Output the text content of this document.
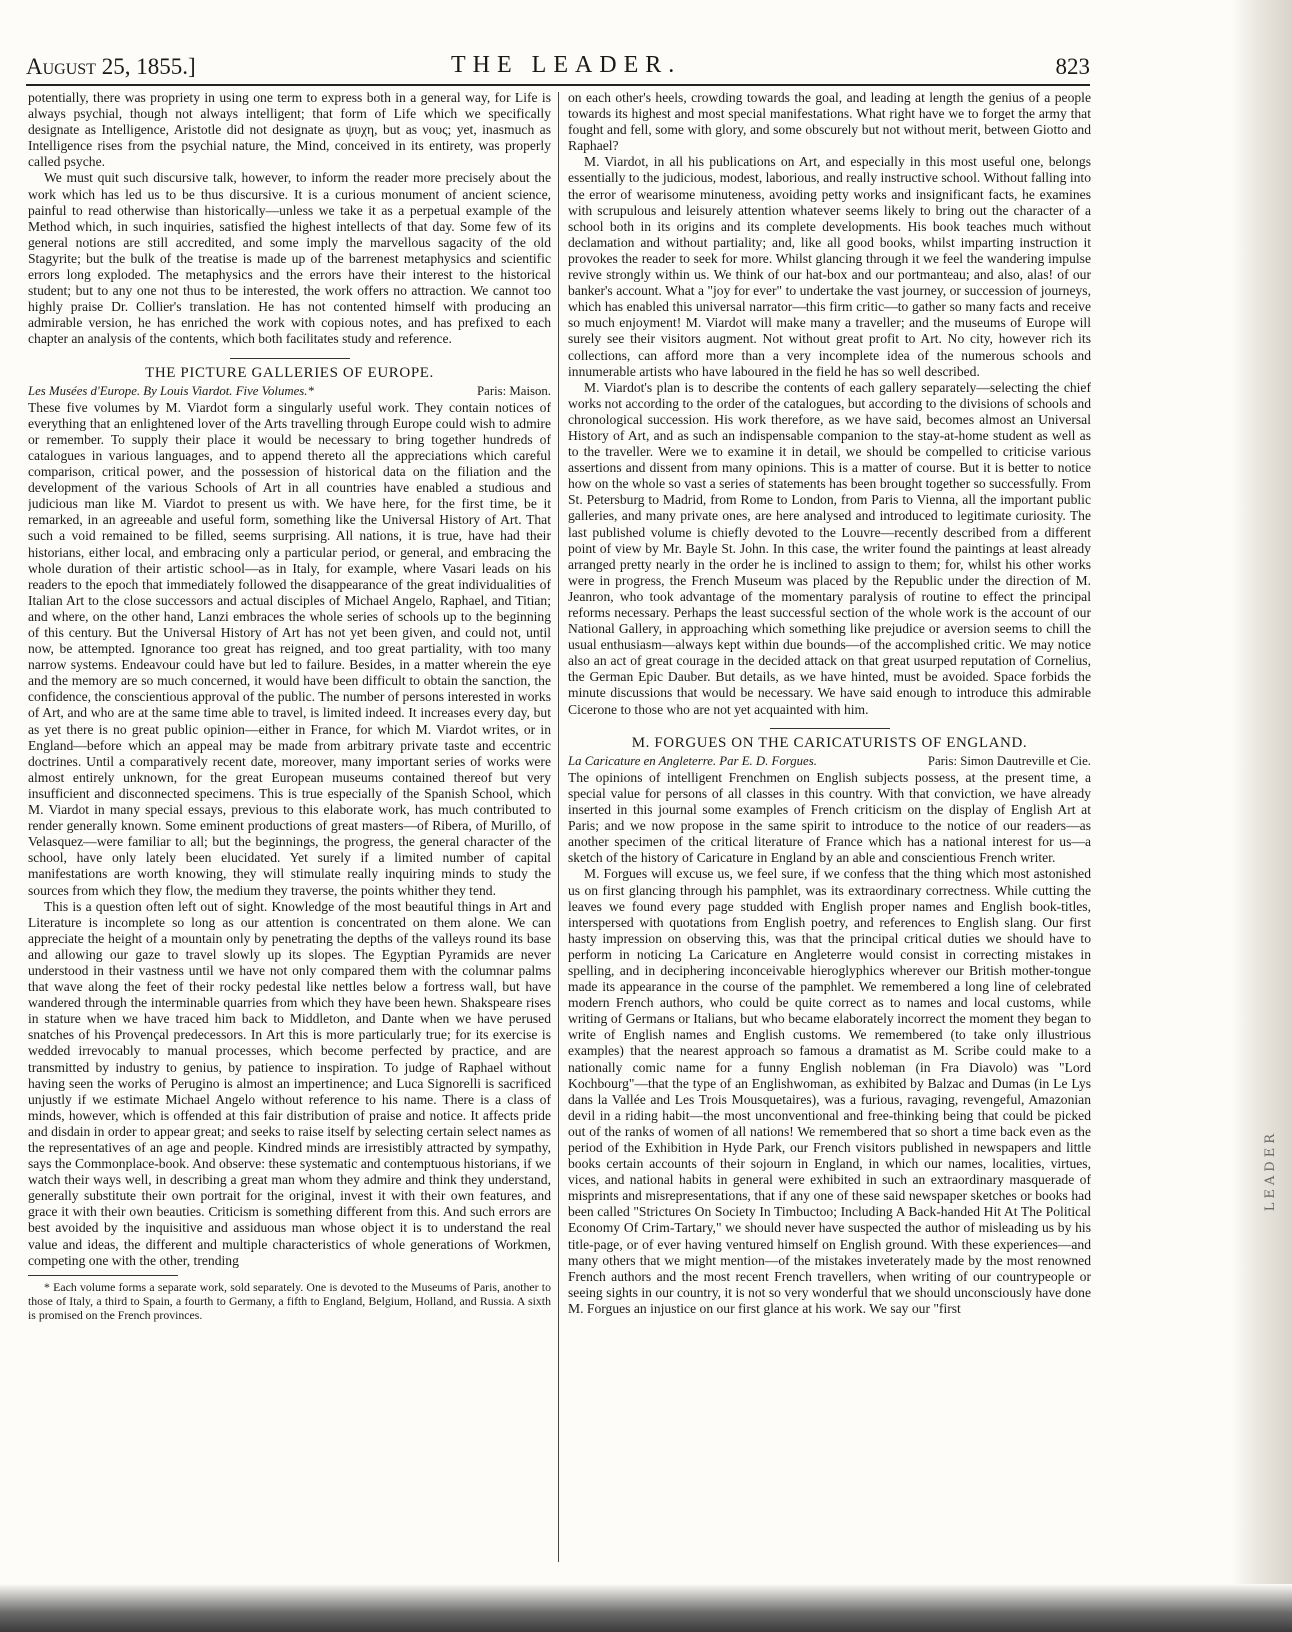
LEADER
August 25, 1855.]	THE LEADER.	823

potentially, there was propriety in using one term to express both in a general way, for Life is always psychial, though not always intelligent; that form of Life which we specifically designate as Intelligence, Aristotle did not designate as ψυχη, but as νους; yet, inasmuch as Intelligence rises from the psychial nature, the Mind, conceived in its entirety, was properly called psyche.

We must quit such discursive talk, however, to inform the reader more precisely about the work which has led us to be thus discursive. It is a curious monument of ancient science, painful to read otherwise than historically—unless we take it as a perpetual example of the Method which, in such inquiries, satisfied the highest intellects of that day. Some few of its general notions are still accredited, and some imply the marvellous sagacity of the old Stagyrite; but the bulk of the treatise is made up of the barrenest metaphysics and scientific errors long exploded. The metaphysics and the errors have their interest to the historical student; but to any one not thus to be interested, the work offers no attraction. We cannot too highly praise Dr. Collier's translation. He has not contented himself with producing an admirable version, he has enriched the work with copious notes, and has prefixed to each chapter an analysis of the contents, which both facilitates study and reference.

THE PICTURE GALLERIES OF EUROPE.
Les Musées d'Europe. By Louis Viardot. Five Volumes.*	Paris: Maison.

These five volumes by M. Viardot form a singularly useful work. They contain notices of everything that an enlightened lover of the Arts travelling through Europe could wish to admire or remember. To supply their place it would be necessary to bring together hundreds of catalogues in various languages, and to append thereto all the appreciations which careful comparison, critical power, and the possession of historical data on the filiation and the development of the various Schools of Art in all countries have enabled a studious and judicious man like M. Viardot to present us with. We have here, for the first time, be it remarked, in an agreeable and useful form, something like the Universal History of Art. That such a void remained to be filled, seems surprising. All nations, it is true, have had their historians, either local, and embracing only a particular period, or general, and embracing the whole duration of their artistic school—as in Italy, for example, where Vasari leads on his readers to the epoch that immediately followed the disappearance of the great individualities of Italian Art to the close successors and actual disciples of Michael Angelo, Raphael, and Titian; and where, on the other hand, Lanzi embraces the whole series of schools up to the beginning of this century. But the Universal History of Art has not yet been given, and could not, until now, be attempted. Ignorance too great has reigned, and too great partiality, with too many narrow systems. Endeavour could have but led to failure. Besides, in a matter wherein the eye and the memory are so much concerned, it would have been difficult to obtain the sanction, the confidence, the conscientious approval of the public. The number of persons interested in works of Art, and who are at the same time able to travel, is limited indeed. It increases every day, but as yet there is no great public opinion—either in France, for which M. Viardot writes, or in England—before which an appeal may be made from arbitrary private taste and eccentric doctrines. Until a comparatively recent date, moreover, many important series of works were almost entirely unknown, for the great European museums contained thereof but very insufficient and disconnected specimens. This is true especially of the Spanish School, which M. Viardot in many special essays, previous to this elaborate work, has much contributed to render generally known. Some eminent productions of great masters—of Ribera, of Murillo, of Velasquez—were familiar to all; but the beginnings, the progress, the general character of the school, have only lately been elucidated. Yet surely if a limited number of capital manifestations are worth knowing, they will stimulate really inquiring minds to study the sources from which they flow, the medium they traverse, the points whither they tend.

This is a question often left out of sight. Knowledge of the most beautiful things in Art and Literature is incomplete so long as our attention is concentrated on them alone. We can appreciate the height of a mountain only by penetrating the depths of the valleys round its base and allowing our gaze to travel slowly up its slopes. The Egyptian Pyramids are never understood in their vastness until we have not only compared them with the columnar palms that wave along the feet of their rocky pedestal like nettles below a fortress wall, but have wandered through the interminable quarries from which they have been hewn. Shakspeare rises in stature when we have traced him back to Middleton, and Dante when we have perused snatches of his Provençal predecessors. In Art this is more particularly true; for its exercise is wedded irrevocably to manual processes, which become perfected by practice, and are transmitted by industry to genius, by patience to inspiration. To judge of Raphael without having seen the works of Perugino is almost an impertinence; and Luca Signorelli is sacrificed unjustly if we estimate Michael Angelo without reference to his name. There is a class of minds, however, which is offended at this fair distribution of praise and notice. It affects pride and disdain in order to appear great; and seeks to raise itself by selecting certain select names as the representatives of an age and people. Kindred minds are irresistibly attracted by sympathy, says the Commonplace-book. And observe: these systematic and contemptuous historians, if we watch their ways well, in describing a great man whom they admire and think they understand, generally substitute their own portrait for the original, invest it with their own features, and grace it with their own beauties. Criticism is something different from this. And such errors are best avoided by the inquisitive and assiduous man whose object it is to understand the real value and ideas, the different and multiple characteristics of whole generations of Workmen, competing one with the other, trending

* Each volume forms a separate work, sold separately. One is devoted to the Museums of Paris, another to those of Italy, a third to Spain, a fourth to Germany, a fifth to England, Belgium, Holland, and Russia. A sixth is promised on the French provinces.

on each other's heels, crowding towards the goal, and leading at length the genius of a people towards its highest and most special manifestations. What right have we to forget the army that fought and fell, some with glory, and some obscurely but not without merit, between Giotto and Raphael?

M. Viardot, in all his publications on Art, and especially in this most useful one, belongs essentially to the judicious, modest, laborious, and really instructive school. Without falling into the error of wearisome minuteness, avoiding petty works and insignificant facts, he examines with scrupulous and leisurely attention whatever seems likely to bring out the character of a school both in its origins and its complete developments. His book teaches much without declamation and without partiality; and, like all good books, whilst imparting instruction it provokes the reader to seek for more. Whilst glancing through it we feel the wandering impulse revive strongly within us. We think of our hat-box and our portmanteau; and also, alas! of our banker's account. What a "joy for ever" to undertake the vast journey, or succession of journeys, which has enabled this universal narrator—this firm critic—to gather so many facts and receive so much enjoyment! M. Viardot will make many a traveller; and the museums of Europe will surely see their visitors augment. Not without great profit to Art. No city, however rich its collections, can afford more than a very incomplete idea of the numerous schools and innumerable artists who have laboured in the field he has so well described.

M. Viardot's plan is to describe the contents of each gallery separately—selecting the chief works not according to the order of the catalogues, but according to the divisions of schools and chronological succession. His work therefore, as we have said, becomes almost an Universal History of Art, and as such an indispensable companion to the stay-at-home student as well as to the traveller. Were we to examine it in detail, we should be compelled to criticise various assertions and dissent from many opinions. This is a matter of course. But it is better to notice how on the whole so vast a series of statements has been brought together so successfully. From St. Petersburg to Madrid, from Rome to London, from Paris to Vienna, all the important public galleries, and many private ones, are here analysed and introduced to legitimate curiosity. The last published volume is chiefly devoted to the Louvre—recently described from a different point of view by Mr. Bayle St. John. In this case, the writer found the paintings at least already arranged pretty nearly in the order he is inclined to assign to them; for, whilst his other works were in progress, the French Museum was placed by the Republic under the direction of M. Jeanron, who took advantage of the momentary paralysis of routine to effect the principal reforms necessary. Perhaps the least successful section of the whole work is the account of our National Gallery, in approaching which something like prejudice or aversion seems to chill the usual enthusiasm—always kept within due bounds—of the accomplished critic. We may notice also an act of great courage in the decided attack on that great usurped reputation of Cornelius, the German Epic Dauber. But details, as we have hinted, must be avoided. Space forbids the minute discussions that would be necessary. We have said enough to introduce this admirable Cicerone to those who are not yet acquainted with him.

M. FORGUES ON THE CARICATURISTS OF ENGLAND.
La Caricature en Angleterre. Par E. D. Forgues.	Paris: Simon Dautreville et Cie.

The opinions of intelligent Frenchmen on English subjects possess, at the present time, a special value for persons of all classes in this country. With that conviction, we have already inserted in this journal some examples of French criticism on the display of English Art at Paris; and we now propose in the same spirit to introduce to the notice of our readers—as another specimen of the critical literature of France which has a national interest for us—a sketch of the history of Caricature in England by an able and conscientious French writer.

M. Forgues will excuse us, we feel sure, if we confess that the thing which most astonished us on first glancing through his pamphlet, was its extraordinary correctness. While cutting the leaves we found every page studded with English proper names and English book-titles, interspersed with quotations from English poetry, and references to English slang. Our first hasty impression on observing this, was that the principal critical duties we should have to perform in noticing La Caricature en Angleterre would consist in correcting mistakes in spelling, and in deciphering inconceivable hieroglyphics wherever our British mother-tongue made its appearance in the course of the pamphlet. We remembered a long line of celebrated modern French authors, who could be quite correct as to names and local customs, while writing of Germans or Italians, but who became elaborately incorrect the moment they began to write of English names and English customs. We remembered (to take only illustrious examples) that the nearest approach so famous a dramatist as M. Scribe could make to a nationally comic name for a funny English nobleman (in Fra Diavolo) was "Lord Kochbourg"—that the type of an Englishwoman, as exhibited by Balzac and Dumas (in Le Lys dans la Vallée and Les Trois Mousquetaires), was a furious, ravaging, revengeful, Amazonian devil in a riding habit—the most unconventional and free-thinking being that could be picked out of the ranks of women of all nations! We remembered that so short a time back even as the period of the Exhibition in Hyde Park, our French visitors published in newspapers and little books certain accounts of their sojourn in England, in which our names, localities, virtues, vices, and national habits in general were exhibited in such an extraordinary masquerade of misprints and misrepresentations, that if any one of these said newspaper sketches or books had been called "Strictures On Society In Timbuctoo; Including A Back-handed Hit At The Political Economy Of Crim-Tartary," we should never have suspected the author of misleading us by his title-page, or of ever having ventured himself on English ground. With these experiences—and many others that we might mention—of the mistakes inveterately made by the most renowned French authors and the most recent French travellers, when writing of our countrypeople or seeing sights in our country, it is not so very wonderful that we should unconsciously have done M. Forgues an injustice on our first glance at his work. We say our "first
